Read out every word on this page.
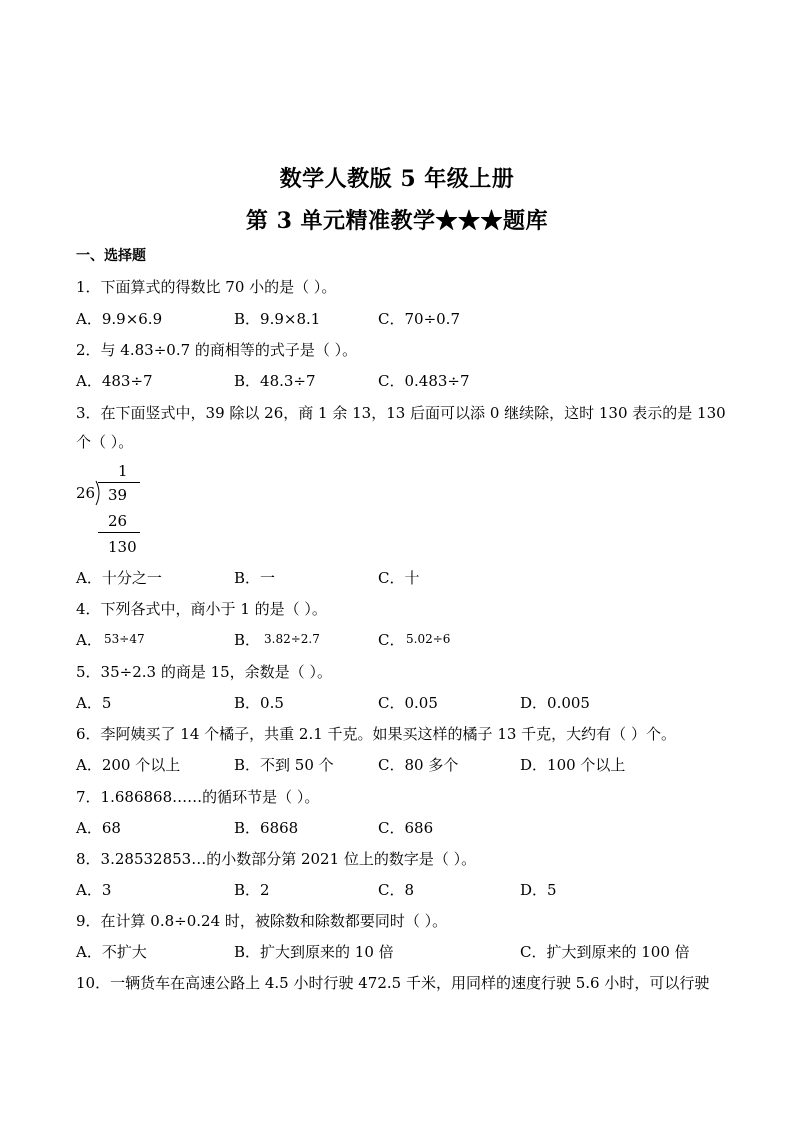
数学人教版 5 年级上册
第 3 单元精准教学★★★题库
一、选择题
1．下面算式的得数比 70 小的是（ ）。
A．9.9×6.9	B．9.9×8.1	C．70÷0.7
2．与 4.83÷0.7 的商相等的式子是（ ）。
A．483÷7	B．48.3÷7	C．0.483÷7
3．在下面竖式中，39 除以 26，商 1 余 13，13 后面可以添 0 继续除，这时 130 表示的是 130
个（ ）。
1
26 39
26
130
A．十分之一	B．一	C．十
4．下列各式中，商小于 1 的是（ ）。
A． 53÷47	B． 3.82÷2.7	C． 5.02÷6
5．35÷2.3 的商是 15，余数是（ ）。
A．5	B．0.5	C．0.05	D．0.005
6．李阿姨买了 14 个橘子，共重 2.1 千克。如果买这样的橘子 13 千克，大约有（ ）个。
A．200 个以上	B．不到 50 个	C．80 多个	D．100 个以上
7．1.686868……的循环节是（ ）。
A．68	B．6868	C．686
8．3.28532853…的小数部分第 2021 位上的数字是（ ）。
A．3	B．2	C．8	D．5
9．在计算 0.8÷0.24 时，被除数和除数都要同时（ ）。
A．不扩大	B．扩大到原来的 10 倍	C．扩大到原来的 100 倍
10．一辆货车在高速公路上 4.5 小时行驶 472.5 千米，用同样的速度行驶 5.6 小时，可以行驶
